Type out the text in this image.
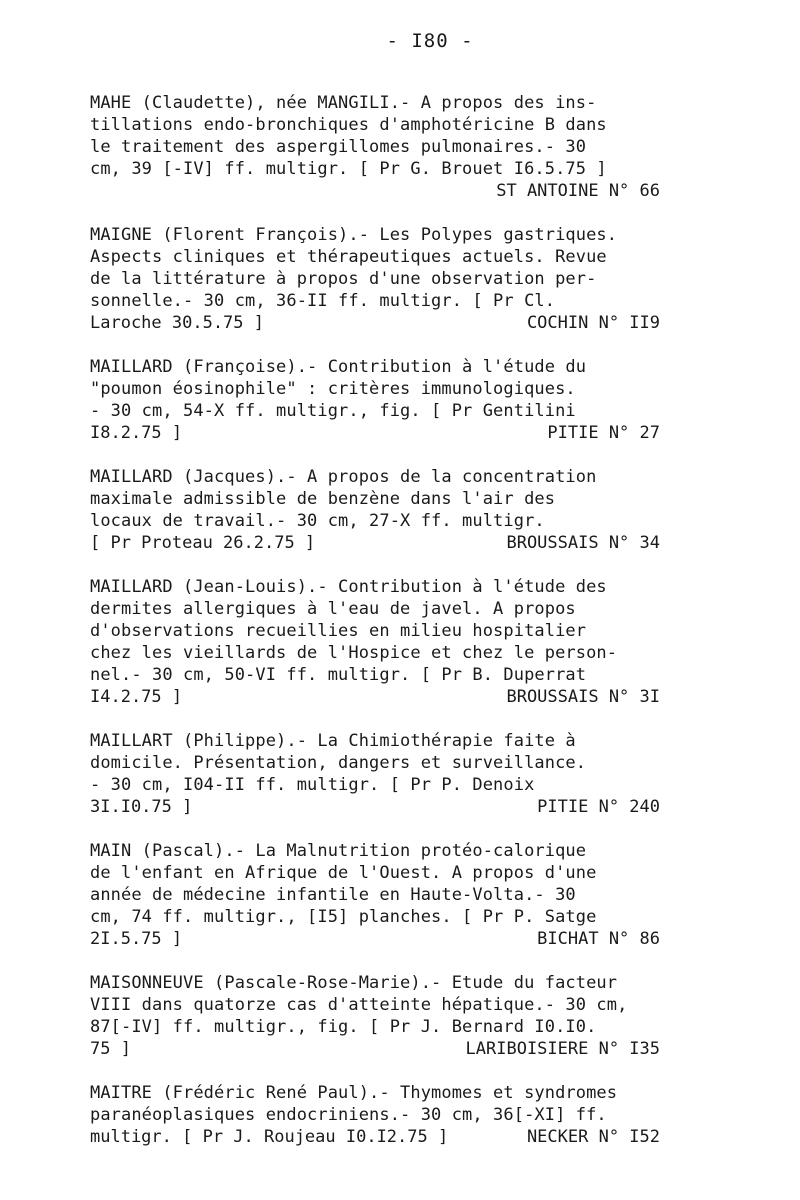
- I80 -
MAHE (Claudette), née MANGILI.- A propos des ins-
tillations endo-bronchiques d'amphotéricine B dans
le traitement des aspergillomes pulmonaires.- 30
cm, 39 [-IV] ff. multigr. [ Pr G. Brouet I6.5.75 ]
ST ANTOINE N° 66
MAIGNE (Florent François).- Les Polypes gastriques.
Aspects cliniques et thérapeutiques actuels. Revue
de la littérature à propos d'une observation per-
sonnelle.- 30 cm, 36-II ff. multigr. [ Pr Cl.
Laroche 30.5.75 ]	COCHIN N° II9
MAILLARD (Françoise).- Contribution à l'étude du
"poumon éosinophile" : critères immunologiques.
- 30 cm, 54-X ff. multigr., fig. [ Pr Gentilini
I8.2.75 ]	PITIE N° 27
MAILLARD (Jacques).- A propos de la concentration
maximale admissible de benzène dans l'air des
locaux de travail.- 30 cm, 27-X ff. multigr.
[ Pr Proteau 26.2.75 ]	BROUSSAIS N° 34
MAILLARD (Jean-Louis).- Contribution à l'étude des
dermites allergiques à l'eau de javel. A propos
d'observations recueillies en milieu hospitalier
chez les vieillards de l'Hospice et chez le person-
nel.- 30 cm, 50-VI ff. multigr. [ Pr B. Duperrat
I4.2.75 ]	BROUSSAIS N° 3I
MAILLART (Philippe).- La Chimiothérapie faite à
domicile. Présentation, dangers et surveillance.
- 30 cm, I04-II ff. multigr. [ Pr P. Denoix
3I.I0.75 ]	PITIE N° 240
MAIN (Pascal).- La Malnutrition protéo-calorique
de l'enfant en Afrique de l'Ouest. A propos d'une
année de médecine infantile en Haute-Volta.- 30
cm, 74 ff. multigr., [I5] planches. [ Pr P. Satge
2I.5.75 ]	BICHAT N° 86
MAISONNEUVE (Pascale-Rose-Marie).- Etude du facteur
VIII dans quatorze cas d'atteinte hépatique.- 30 cm,
87[-IV] ff. multigr., fig. [ Pr J. Bernard I0.I0.
75 ]	LARIBOISIERE N° I35
MAITRE (Frédéric René Paul).- Thymomes et syndromes
paranéoplasiques endocriniens.- 30 cm, 36[-XI] ff.
multigr. [ Pr J. Roujeau I0.I2.75 ]	NECKER N° I52
